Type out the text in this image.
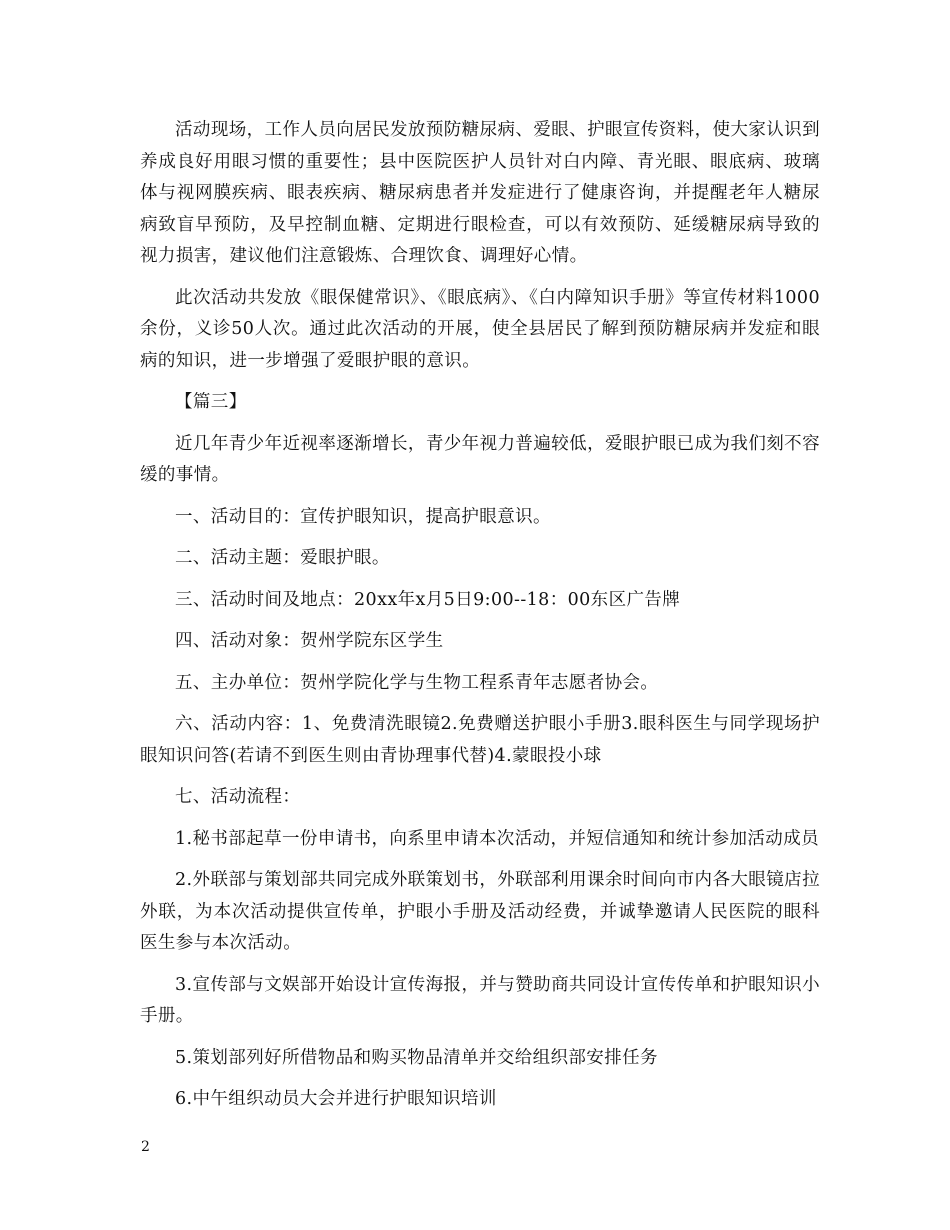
活动现场，工作人员向居民发放预防糖尿病、爱眼、护眼宣传资料，使大家认识到养成良好用眼习惯的重要性；县中医院医护人员针对白内障、青光眼、眼底病、玻璃体与视网膜疾病、眼表疾病、糖尿病患者并发症进行了健康咨询，并提醒老年人糖尿病致盲早预防，及早控制血糖、定期进行眼检查，可以有效预防、延缓糖尿病导致的视力损害，建议他们注意锻炼、合理饮食、调理好心情。

此次活动共发放《眼保健常识》、《眼底病》、《白内障知识手册》等宣传材料1000余份，义诊50人次。通过此次活动的开展，使全县居民了解到预防糖尿病并发症和眼病的知识，进一步增强了爱眼护眼的意识。

【篇三】

近几年青少年近视率逐渐增长，青少年视力普遍较低，爱眼护眼已成为我们刻不容缓的事情。

一、活动目的：宣传护眼知识，提高护眼意识。

二、活动主题：爱眼护眼。

三、活动时间及地点：20xx年x月5日9:00--18：00东区广告牌

四、活动对象：贺州学院东区学生

五、主办单位：贺州学院化学与生物工程系青年志愿者协会。

六、活动内容：1、免费清洗眼镜2.免费赠送护眼小手册3.眼科医生与同学现场护眼知识问答(若请不到医生则由青协理事代替)4.蒙眼投小球

七、活动流程：

1.秘书部起草一份申请书，向系里申请本次活动，并短信通知和统计参加活动成员

2.外联部与策划部共同完成外联策划书，外联部利用课余时间向市内各大眼镜店拉外联，为本次活动提供宣传单，护眼小手册及活动经费，并诚挚邀请人民医院的眼科医生参与本次活动。

3.宣传部与文娱部开始设计宣传海报，并与赞助商共同设计宣传传单和护眼知识小手册。

5.策划部列好所借物品和购买物品清单并交给组织部安排任务

6.中午组织动员大会并进行护眼知识培训

2
